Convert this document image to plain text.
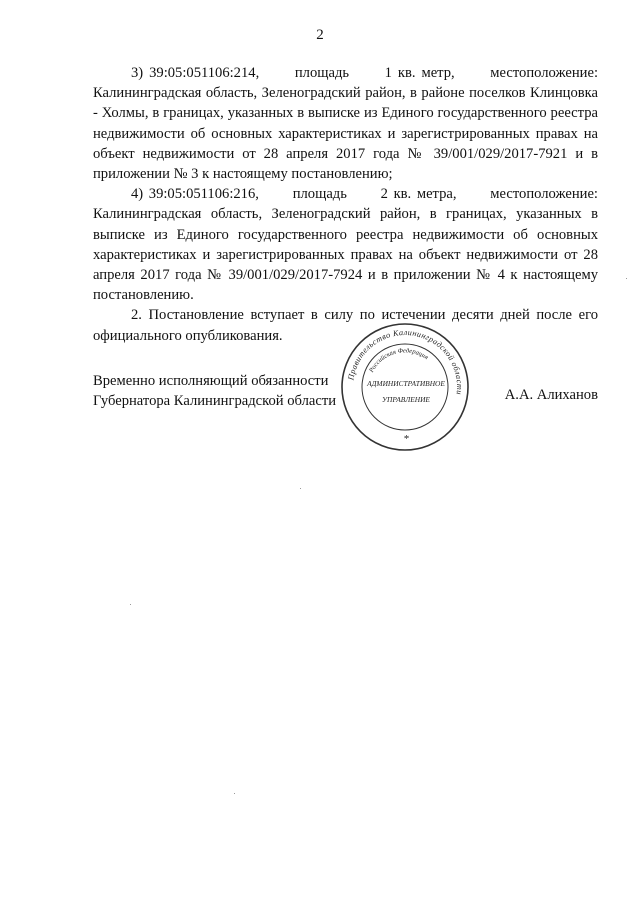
2

3) 39:05:051106:214,      площадь      1 кв. метр,      местоположение: Калининградская область, Зеленоградский район, в районе поселков Клинцовка - Холмы, в границах, указанных в выписке из Единого государственного реестра недвижимости об основных характеристиках и зарегистрированных правах на объект недвижимости от 28 апреля 2017 года № 39/001/029/2017-7921 и в приложении № 3 к настоящему постановлению;

4) 39:05:051106:216,      площадь      2 кв. метра,      местоположение: Калининградская область, Зеленоградский район, в границах, указанных в выписке из Единого государственного реестра недвижимости об основных характеристиках и зарегистрированных правах на объект недвижимости от 28 апреля 2017 года № 39/001/029/2017-7924 и в приложении № 4 к настоящему постановлению.

2. Постановление вступает в силу по истечении десяти дней после его официального опубликования.

Временно исполняющий обязанности
Губернатора Калининградской области	А.А. Алиханов
Правительство Калининградской области
Российская Федерация
АДМИНИСТРАТИВНОЕ
УПРАВЛЕНИЕ
*
